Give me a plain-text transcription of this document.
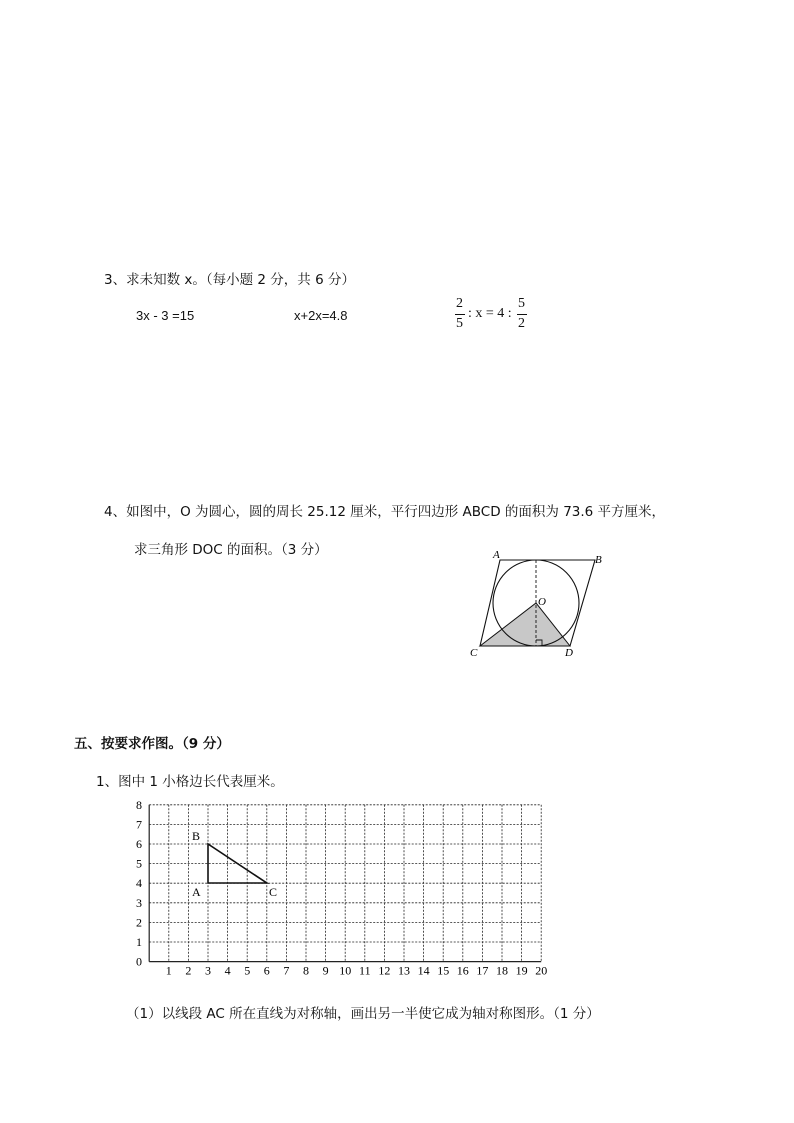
3、求未知数 x。（每小题 2 分，共 6 分）
3x - 3 =15	x+2x=4.8
2
5
: x = 4 :
5
2
4、如图中，O 为圆心，圆的周长 25.12 厘米，平行四边形 ABCD 的面积为 73.6 平方厘米，
求三角形 DOC 的面积。（3 分）	A	B
O
C	D
五、按要求作图。（9 分）
1、图中 1 小格边长代表厘米。
0
1
2
3
4
5
6
7
8
1 2 3 4 5 6 7 8 9 10 11 12 13 14 15 16 17 18 19 20
B
A	C
（1）以线段 AC 所在直线为对称轴，画出另一半使它成为轴对称图形。（1 分）
